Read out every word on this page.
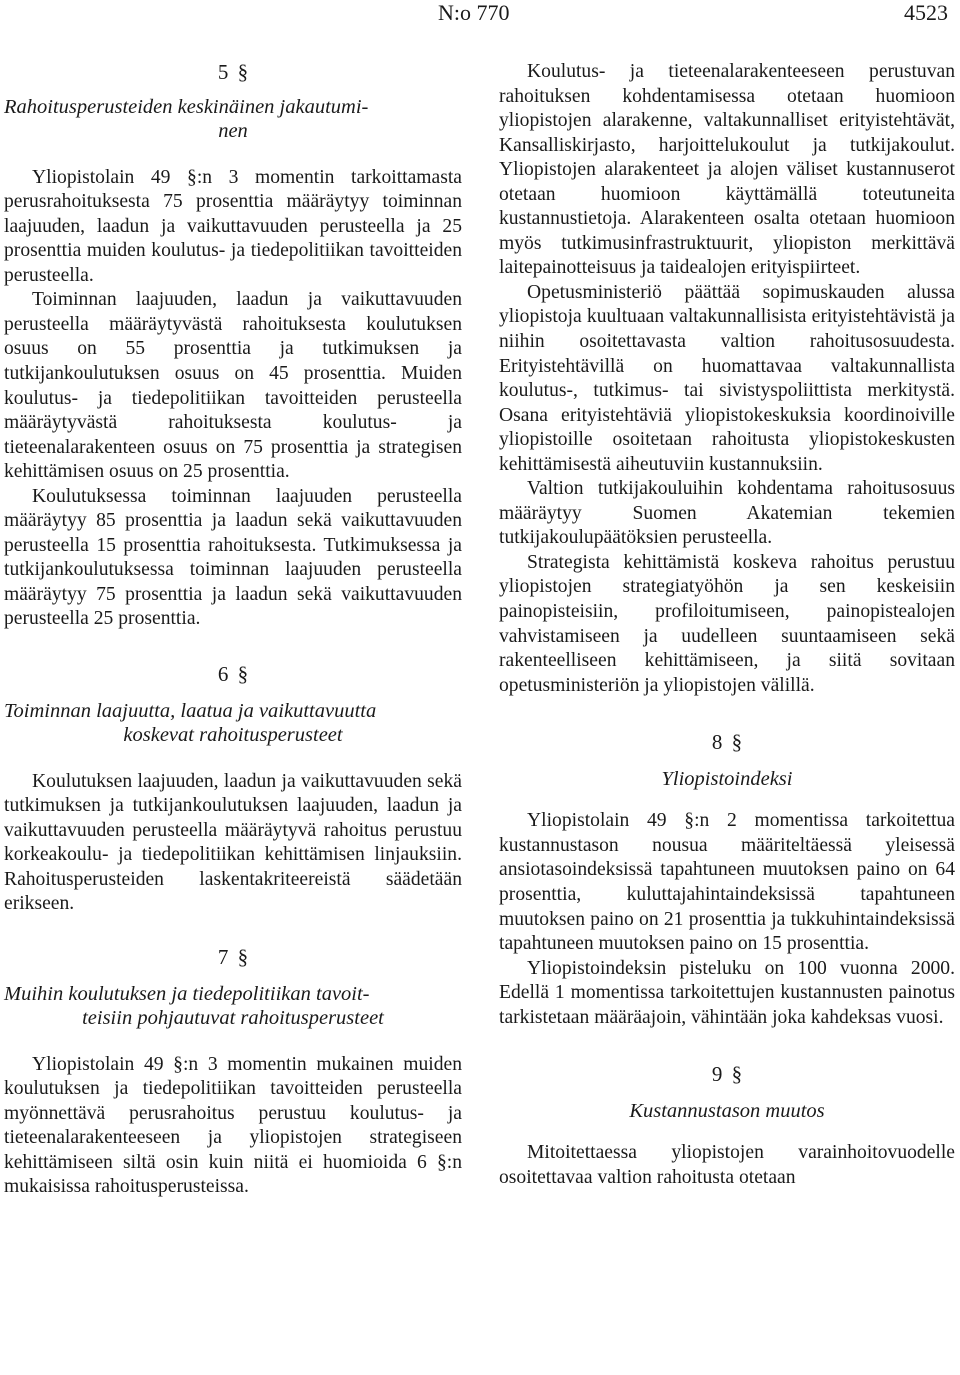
N:o 770	4523
5 §
Rahoitusperusteiden keskinäinen jakautumi-
nen

Yliopistolain 49 §:n 3 momentin tarkoittamasta perusrahoituksesta 75 prosenttia määräytyy toiminnan laajuuden, laadun ja vaikuttavuuden perusteella ja 25 prosenttia muiden koulutus- ja tiedepolitiikan tavoitteiden perusteella.

Toiminnan laajuuden, laadun ja vaikuttavuuden perusteella määräytyvästä rahoituksesta koulutuksen osuus on 55 prosenttia ja tutkimuksen ja tutkijankoulutuksen osuus on 45 prosenttia. Muiden koulutus- ja tiedepolitiikan tavoitteiden perusteella määräytyvästä rahoituksesta koulutus- ja tieteenalarakenteen osuus on 75 prosenttia ja strategisen kehittämisen osuus on 25 prosenttia.

Koulutuksessa toiminnan laajuuden perusteella määräytyy 85 prosenttia ja laadun sekä vaikuttavuuden perusteella 15 prosenttia rahoituksesta. Tutkimuksessa ja tutkijankoulutuksessa toiminnan laajuuden perusteella määräytyy 75 prosenttia ja laadun sekä vaikuttavuuden perusteella 25 prosenttia.

6 §
Toiminnan laajuutta, laatua ja vaikuttavuutta
koskevat rahoitusperusteet

Koulutuksen laajuuden, laadun ja vaikuttavuuden sekä tutkimuksen ja tutkijankoulutuksen laajuuden, laadun ja vaikuttavuuden perusteella määräytyvä rahoitus perustuu korkeakoulu- ja tiedepolitiikan kehittämisen linjauksiin. Rahoitusperusteiden laskentakriteereistä säädetään erikseen.

7 §
Muihin koulutuksen ja tiedepolitiikan tavoit-
teisiin pohjautuvat rahoitusperusteet

Yliopistolain 49 §:n 3 momentin mukainen muiden koulutuksen ja tiedepolitiikan tavoitteiden perusteella myönnettävä perusrahoitus perustuu koulutus- ja tieteenalarakenteeseen ja yliopistojen strategiseen kehittämiseen siltä osin kuin niitä ei huomioida 6 §:n mukaisissa rahoitusperusteissa.

Koulutus- ja tieteenalarakenteeseen perustuvan rahoituksen kohdentamisessa otetaan huomioon yliopistojen alarakenne, valtakunnalliset erityistehtävät, Kansalliskirjasto, harjoittelukoulut ja tutkijakoulut. Yliopistojen alarakenteet ja alojen väliset kustannuserot otetaan huomioon käyttämällä toteutuneita kustannustietoja. Alarakenteen osalta otetaan huomioon myös tutkimusinfrastruktuurit, yliopiston merkittävä laitepainotteisuus ja taidealojen erityispiirteet.

Opetusministeriö päättää sopimuskauden alussa yliopistoja kuultuaan valtakunnallisista erityistehtävistä ja niihin osoitettavasta valtion rahoitusosuudesta. Erityistehtävillä on huomattavaa valtakunnallista koulutus-, tutkimus- tai sivistyspoliittista merkitystä. Osana erityistehtäviä yliopistokeskuksia koordinoiville yliopistoille osoitetaan rahoitusta yliopistokeskusten kehittämisestä aiheutuviin kustannuksiin.

Valtion tutkijakouluihin kohdentama rahoitusosuus määräytyy Suomen Akatemian tekemien tutkijakoulupäätöksien perusteella.

Strategista kehittämistä koskeva rahoitus perustuu yliopistojen strategiatyöhön ja sen keskeisiin painopisteisiin, profiloitumiseen, painopistealojen vahvistamiseen ja uudelleen suuntaamiseen sekä rakenteelliseen kehittämiseen, ja siitä sovitaan opetusministeriön ja yliopistojen välillä.

8 §
Yliopistoindeksi

Yliopistolain 49 §:n 2 momentissa tarkoitettua kustannustason nousua määriteltäessä yleisessä ansiotasoindeksissä tapahtuneen muutoksen paino on 64 prosenttia, kuluttajahintaindeksissä tapahtuneen muutoksen paino on 21 prosenttia ja tukkuhintaindeksissä tapahtuneen muutoksen paino on 15 prosenttia.

Yliopistoindeksin pisteluku on 100 vuonna 2000. Edellä 1 momentissa tarkoitettujen kustannusten painotus tarkistetaan määräajoin, vähintään joka kahdeksas vuosi.

9 §
Kustannustason muutos

Mitoitettaessa yliopistojen varainhoitovuodelle osoitettavaa valtion rahoitusta otetaan
